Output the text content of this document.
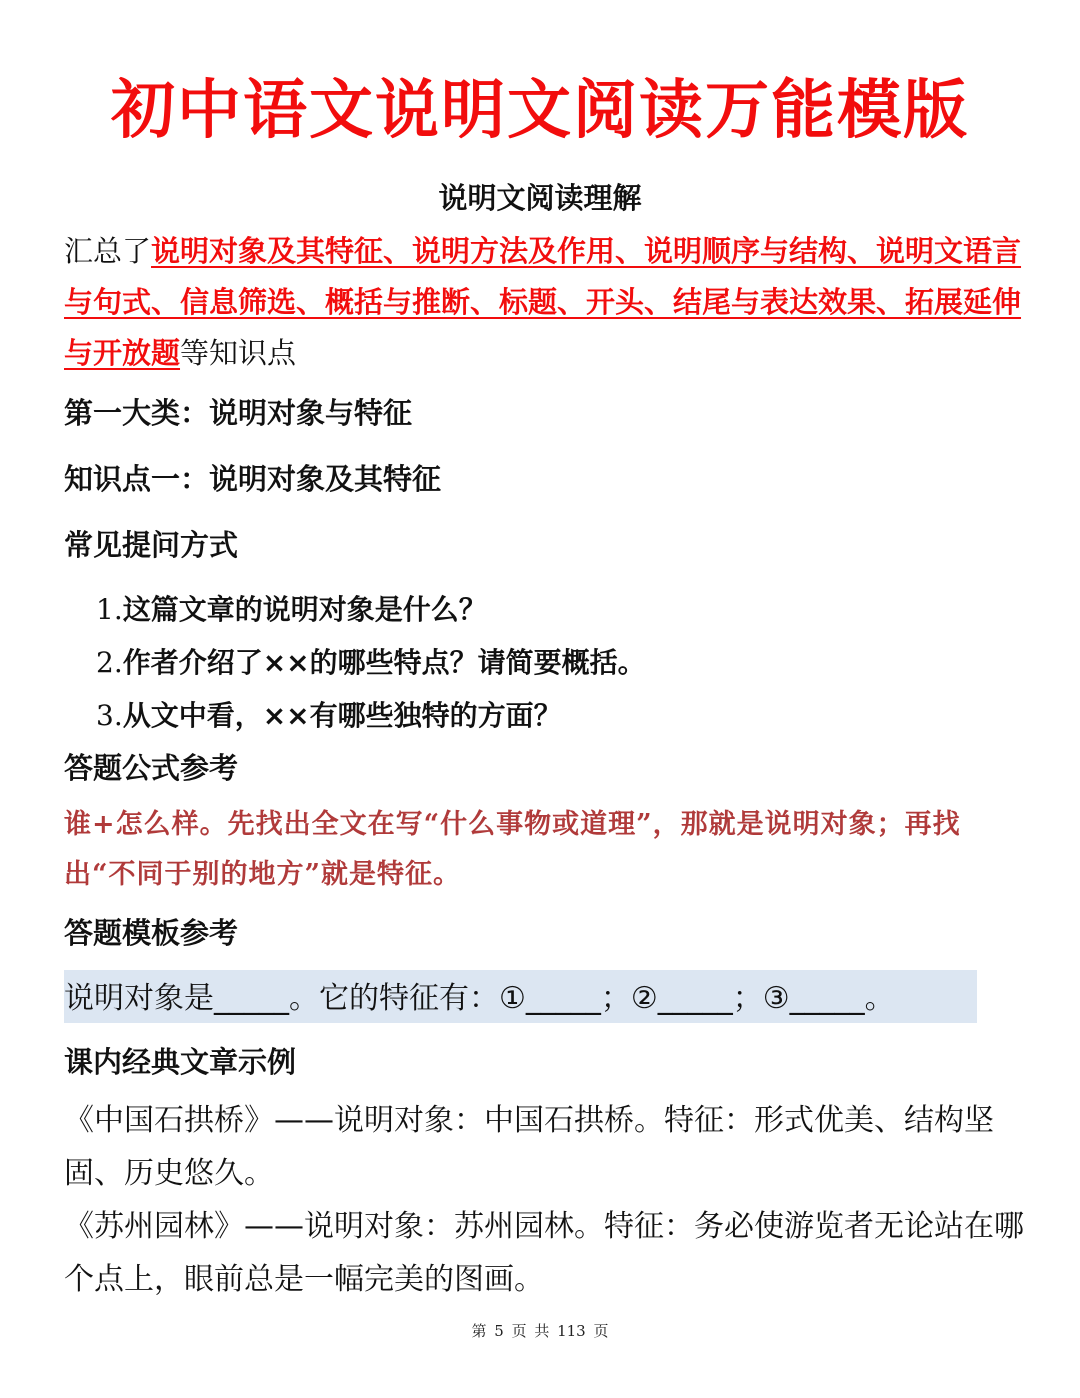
初中语文说明文阅读万能模版
说明文阅读理解
汇总了说明对象及其特征、说明方法及作用、说明顺序与结构、说明文语言与句式、信息筛选、概括与推断、标题、开头、结尾与表达效果、拓展延伸与开放题等知识点
第一大类：说明对象与特征
知识点一：说明对象及其特征
常见提问方式
1.这篇文章的说明对象是什么？
2.作者介绍了××的哪些特点？请简要概括。
3.从文中看，××有哪些独特的方面？
答题公式参考
谁+怎么样。先找出全文在写“什么事物或道理”，那就是说明对象；再找出“不同于别的地方”就是特征。
答题模板参考
说明对象是_____。它的特征有：①_____；②_____；③_____。
课内经典文章示例

《中国石拱桥》——说明对象：中国石拱桥。特征：形式优美、结构坚固、历史悠久。

《苏州园林》——说明对象：苏州园林。特征：务必使游览者无论站在哪个点上，眼前总是一幅完美的图画。

第 5 页 共 113 页
